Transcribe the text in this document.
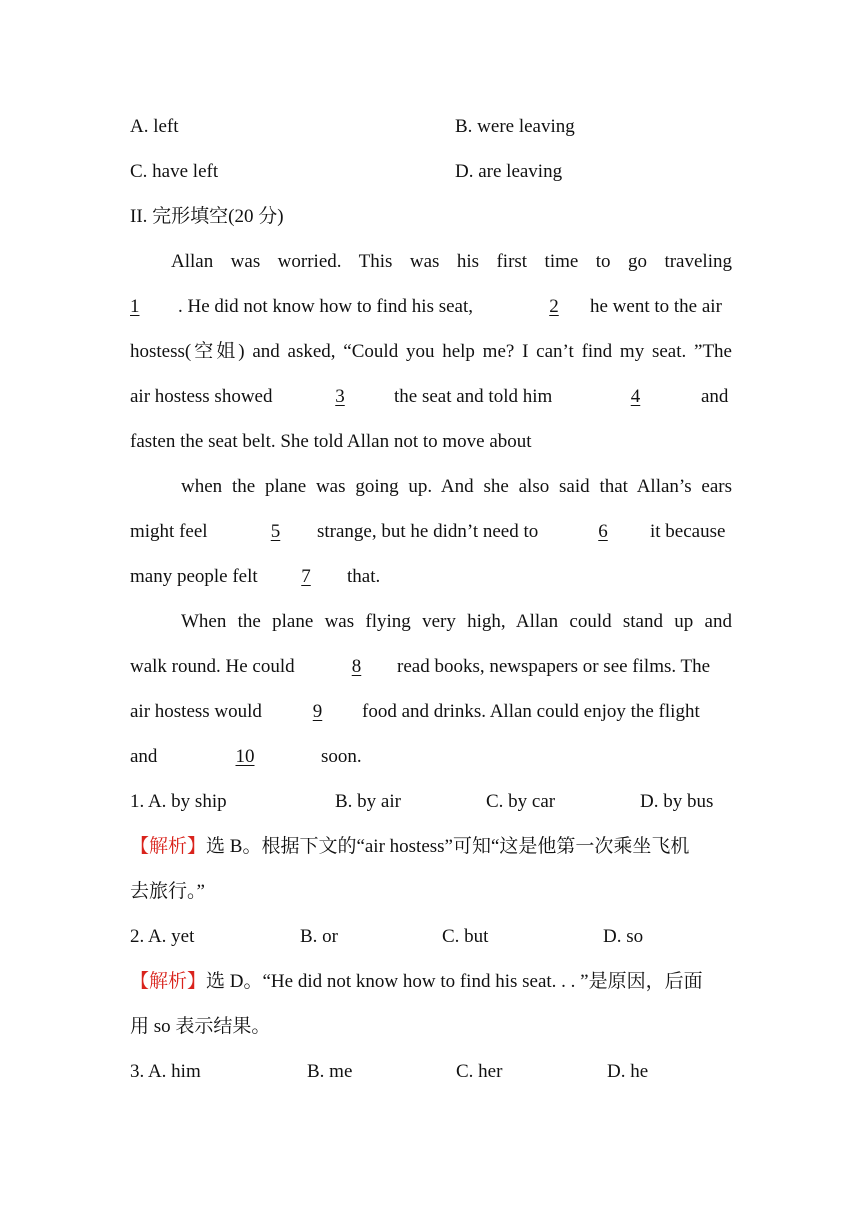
A. left	B. were leaving
C. have left	D. are leaving
II. 完形填空(20 分)
Allan was worried. This was his first time to go traveling
1	. He did not know how to find his seat,	2	he went to the air
hostess(空姐) and asked, “Could you help me? I can’t find my seat. ”The
air hostess showed	3	the seat and told him	4	and
fasten the seat belt. She told Allan not to move about
when the plane was going up. And she also said that Allan’s ears
might feel	5	strange, but he didn’t need to	6	it because
many people felt	7	that.
When the plane was flying very high, Allan could stand up and
walk round. He could	8	read books, newspapers or see films. The
air hostess would	9	food and drinks. Allan could enjoy the flight
and	10	soon.
1. A. by ship	B. by air	C. by car	D. by bus
【解析】选 B。根据下文的“air hostess”可知“这是他第一次乘坐飞机
去旅行。”
2. A. yet	B. or	C. but	D. so
【解析】选 D。“He did not know how to find his seat. . . ”是原因，后面
用 so 表示结果。
3. A. him	B. me	C. her	D. he
